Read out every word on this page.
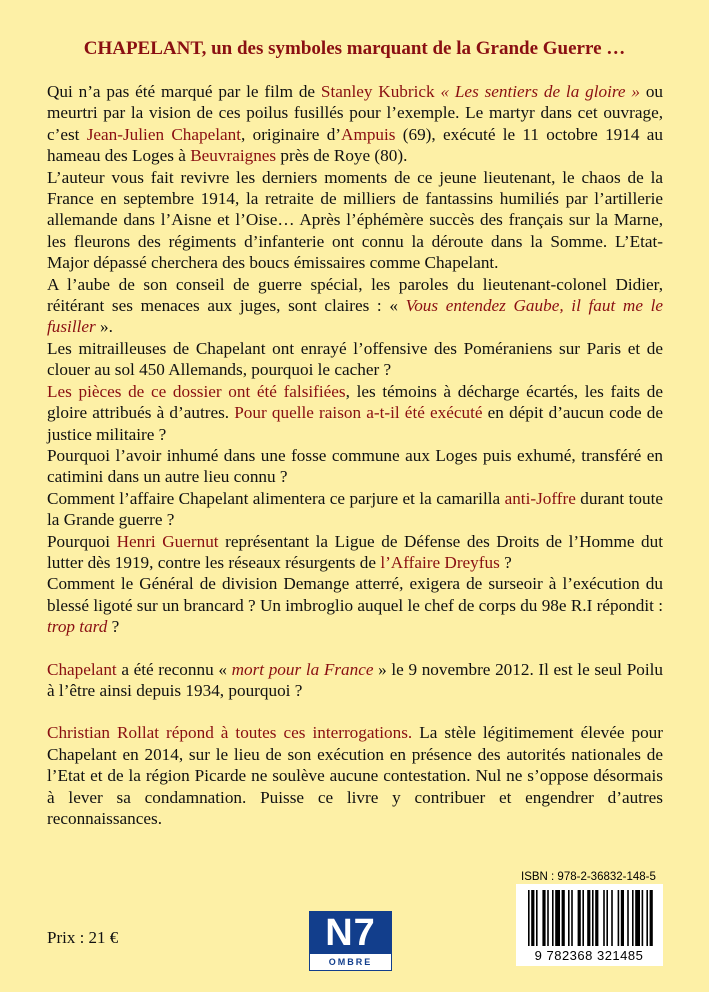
CHAPELANT, un des symboles marquant de la Grande Guerre …

Qui n’a pas été marqué par le film de Stanley Kubrick « Les sentiers de la gloire » ou meurtri par la vision de ces poilus fusillés pour l’exemple. Le martyr dans cet ouvrage, c’est Jean-Julien Chapelant, originaire d’Ampuis (69), exécuté le 11 octobre 1914 au hameau des Loges à Beuvraignes près de Roye (80).

L’auteur vous fait revivre les derniers moments de ce jeune lieutenant, le chaos de la France en septembre 1914, la retraite de milliers de fantassins humiliés par l’artillerie allemande dans l’Aisne et l’Oise… Après l’éphémère succès des français sur la Marne, les fleurons des régiments d’infanterie ont connu la déroute dans la Somme. L’Etat-Major dépassé cherchera des boucs émissaires comme Chapelant.

A l’aube de son conseil de guerre spécial, les paroles du lieutenant-colonel Didier, réitérant ses menaces aux juges, sont claires : « Vous entendez Gaube, il faut me le fusiller ».

Les mitrailleuses de Chapelant ont enrayé l’offensive des Poméraniens sur Paris et de clouer au sol 450 Allemands, pourquoi le cacher ?

Les pièces de ce dossier ont été falsifiées, les témoins à décharge écartés, les faits de gloire attribués à d’autres. Pour quelle raison a-t-il été exécuté en dépit d’aucun code de justice militaire ?

Pourquoi l’avoir inhumé dans une fosse commune aux Loges puis exhumé, transféré en catimini dans un autre lieu connu ?

Comment l’affaire Chapelant alimentera ce parjure et la camarilla anti-Joffre durant toute la Grande guerre ?

Pourquoi Henri Guernut représentant la Ligue de Défense des Droits de l’Homme dut lutter dès 1919, contre les réseaux résurgents de l’Affaire Dreyfus ?

Comment le Général de division Demange atterré, exigera de surseoir à l’exécution du blessé ligoté sur un brancard ? Un imbroglio auquel le chef de corps du 98e R.I répondit : trop tard ?

Chapelant a été reconnu « mort pour la France » le 9 novembre 2012. Il est le seul Poilu à l’être ainsi depuis 1934, pourquoi ?

Christian Rollat répond à toutes ces interrogations. La stèle légitimement élevée pour Chapelant en 2014, sur le lieu de son exécution en présence des autorités nationales de l’Etat et de la région Picarde ne soulève aucune contestation. Nul ne s’oppose désormais à lever sa condamnation. Puisse ce livre y contribuer et engendrer d’autres reconnaissances.

Prix : 21 €	N7
OMBRE
ISBN : 978-2-36832-148-5
9 782368 321485
